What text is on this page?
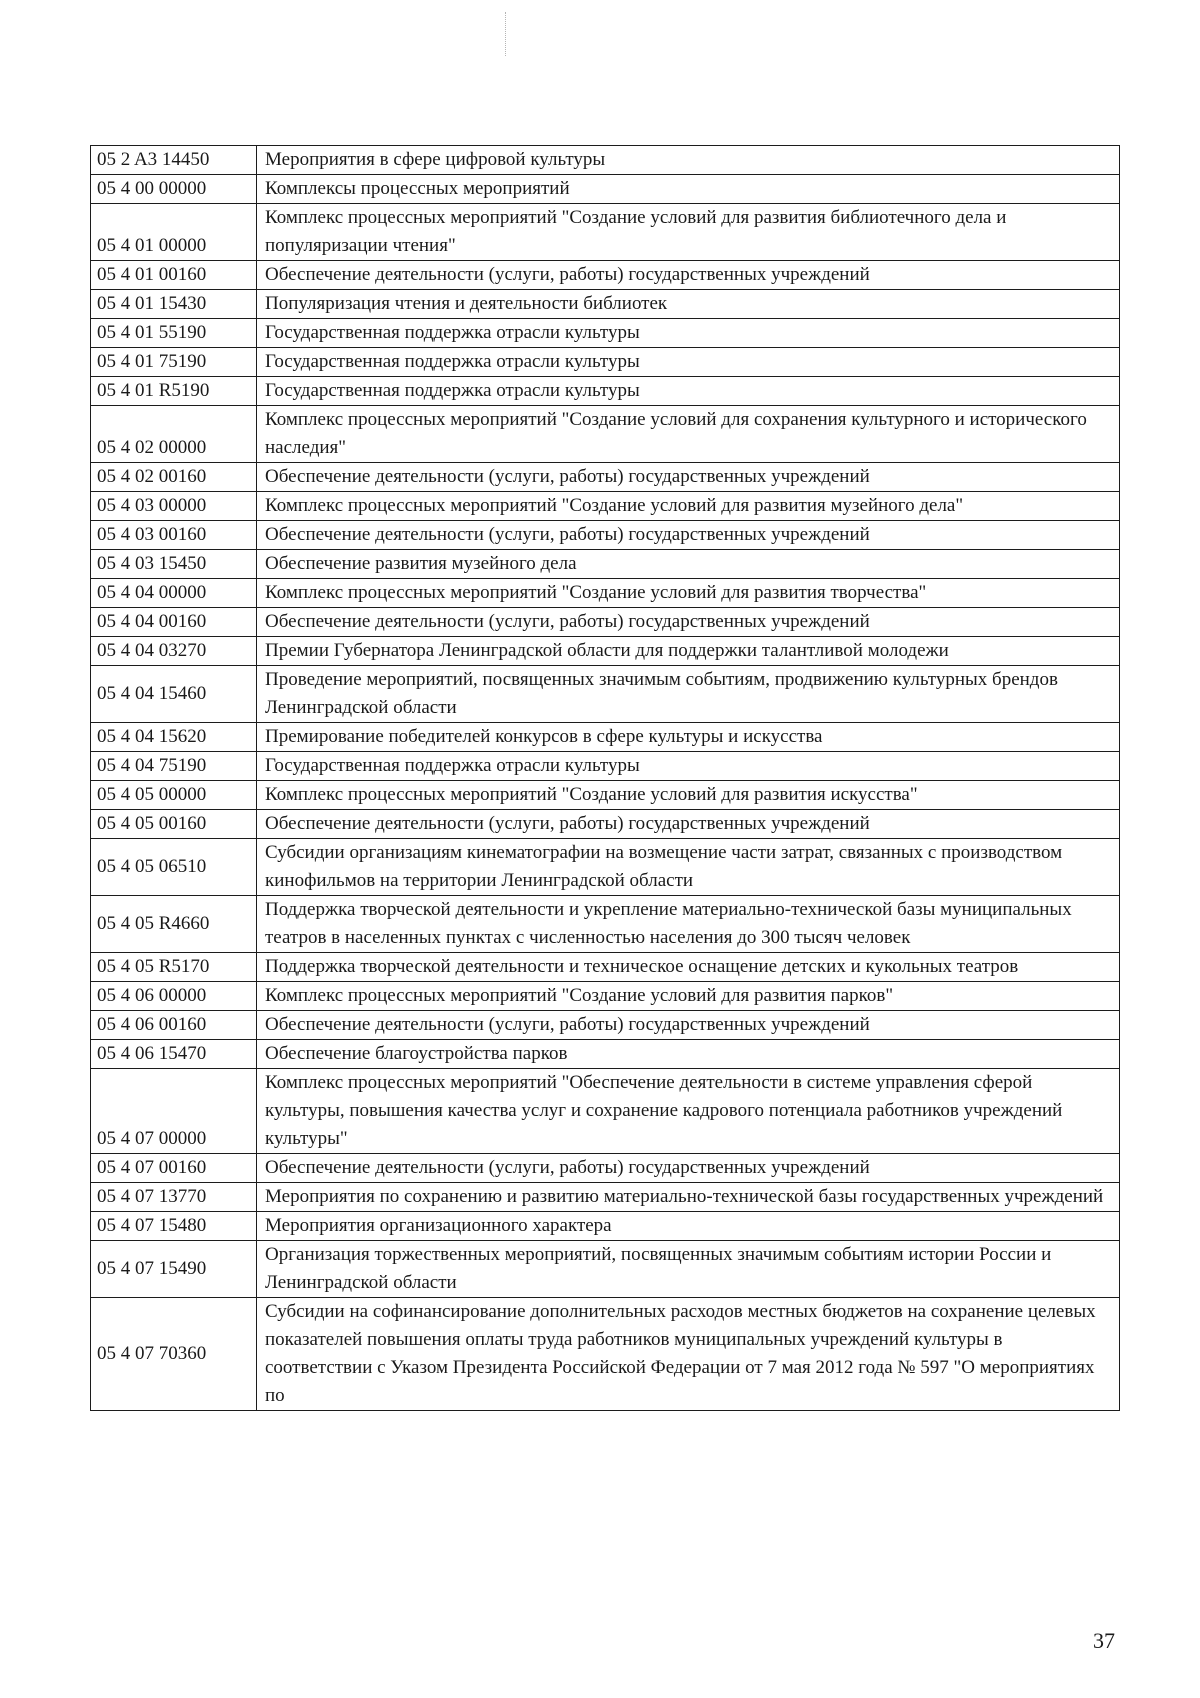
05 2 A3 14450	Мероприятия в сфере цифровой культуры
05 4 00 00000	Комплексы процессных мероприятий
05 4 01 00000	Комплекс процессных мероприятий "Создание условий для развития библиотечного дела и популяризации чтения"
05 4 01 00160	Обеспечение деятельности (услуги, работы) государственных учреждений
05 4 01 15430	Популяризация чтения и деятельности библиотек
05 4 01 55190	Государственная поддержка отрасли культуры
05 4 01 75190	Государственная поддержка отрасли культуры
05 4 01 R5190	Государственная поддержка отрасли культуры
05 4 02 00000	Комплекс процессных мероприятий "Создание условий для сохранения культурного и исторического наследия"
05 4 02 00160	Обеспечение деятельности (услуги, работы) государственных учреждений
05 4 03 00000	Комплекс процессных мероприятий "Создание условий для развития музейного дела"
05 4 03 00160	Обеспечение деятельности (услуги, работы) государственных учреждений
05 4 03 15450	Обеспечение развития музейного дела
05 4 04 00000	Комплекс процессных мероприятий "Создание условий для развития творчества"
05 4 04 00160	Обеспечение деятельности (услуги, работы) государственных учреждений
05 4 04 03270	Премии Губернатора Ленинградской области для поддержки талантливой молодежи
05 4 04 15460	Проведение мероприятий, посвященных значимым событиям, продвижению культурных брендов Ленинградской области
05 4 04 15620	Премирование победителей конкурсов в сфере культуры и искусства
05 4 04 75190	Государственная поддержка отрасли культуры
05 4 05 00000	Комплекс процессных мероприятий "Создание условий для развития искусства"
05 4 05 00160	Обеспечение деятельности (услуги, работы) государственных учреждений
05 4 05 06510	Субсидии организациям кинематографии на возмещение части затрат, связанных с производством кинофильмов на территории Ленинградской области
05 4 05 R4660	Поддержка творческой деятельности и укрепление материально-технической базы муниципальных театров в населенных пунктах с численностью населения до 300 тысяч человек
05 4 05 R5170	Поддержка творческой деятельности и техническое оснащение детских и кукольных театров
05 4 06 00000	Комплекс процессных мероприятий "Создание условий для развития парков"
05 4 06 00160	Обеспечение деятельности (услуги, работы) государственных учреждений
05 4 06 15470	Обеспечение благоустройства парков
05 4 07 00000	Комплекс процессных мероприятий "Обеспечение деятельности в системе управления сферой культуры, повышения качества услуг и сохранение кадрового потенциала работников учреждений культуры"
05 4 07 00160	Обеспечение деятельности (услуги, работы) государственных учреждений
05 4 07 13770	Мероприятия по сохранению и развитию материально-технической базы государственных учреждений
05 4 07 15480	Мероприятия организационного характера
05 4 07 15490	Организация торжественных мероприятий, посвященных значимым событиям истории России и Ленинградской области
05 4 07 70360	Субсидии на софинансирование дополнительных расходов местных бюджетов на сохранение целевых показателей повышения оплаты труда работников муниципальных учреждений культуры в соответствии с Указом Президента Российской Федерации от 7 мая 2012 года № 597 "О мероприятиях по
37
